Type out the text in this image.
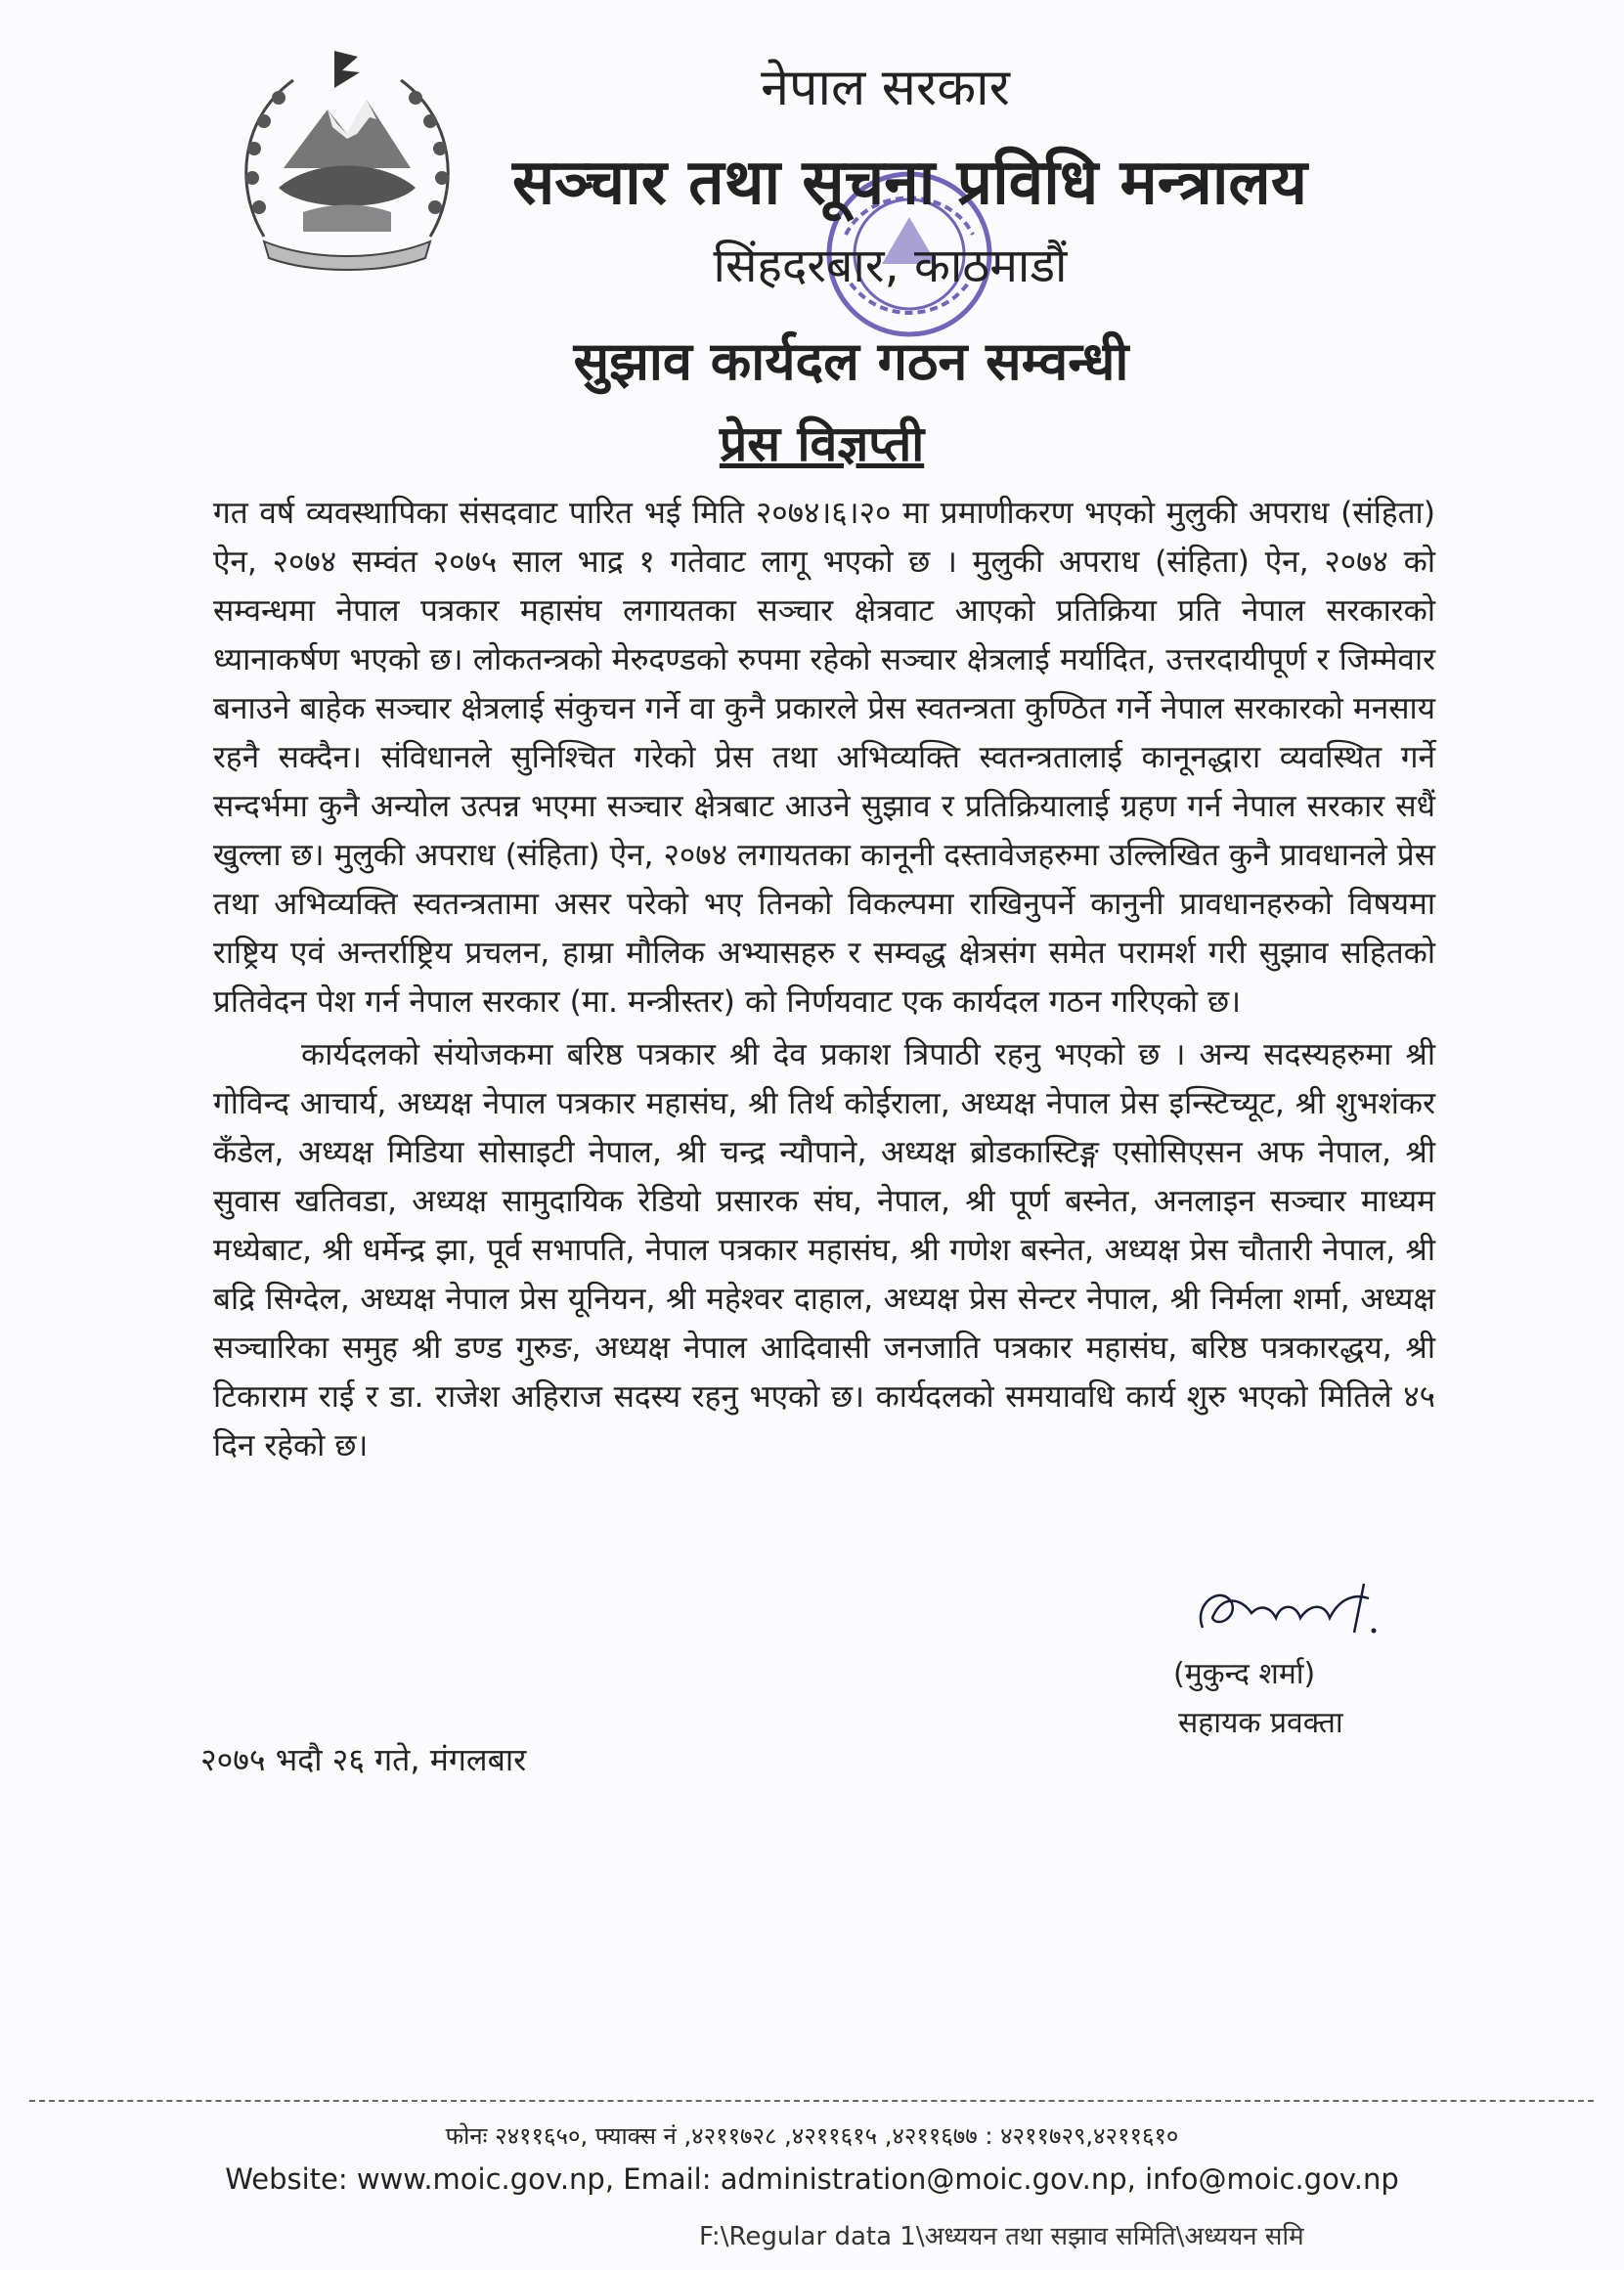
नेपाल सरकार
सञ्चार तथा सूचना प्रविधि मन्त्रालय
सिंहदरबार, काठमाडौं
सुझाव कार्यदल गठन सम्वन्धी
प्रेस विज्ञप्ती

गत वर्ष व्यवस्थापिका संसदवाट पारित भई मिति २०७४।६।२० मा प्रमाणीकरण भएको मुलुकी अपराध (संहिता) ऐन, २०७४ सम्वंत २०७५ साल भाद्र १ गतेवाट लागू भएको छ । मुलुकी अपराध (संहिता) ऐन, २०७४ को सम्वन्धमा नेपाल पत्रकार महासंघ लगायतका सञ्चार क्षेत्रवाट आएको प्रतिक्रिया प्रति नेपाल सरकारको ध्यानाकर्षण भएको छ। लोकतन्त्रको मेरुदण्डको रुपमा रहेको सञ्चार क्षेत्रलाई मर्यादित, उत्तरदायीपूर्ण र जिम्मेवार बनाउने बाहेक सञ्चार क्षेत्रलाई संकुचन गर्ने वा कुनै प्रकारले प्रेस स्वतन्त्रता कुण्ठित गर्ने नेपाल सरकारको मनसाय रहनै सक्दैन। संविधानले सुनिश्चित गरेको प्रेस तथा अभिव्यक्ति स्वतन्त्रतालाई कानूनद्धारा व्यवस्थित गर्ने सन्दर्भमा कुनै अन्योल उत्पन्न भएमा सञ्चार क्षेत्रबाट आउने सुझाव र प्रतिक्रियालाई ग्रहण गर्न नेपाल सरकार सधैं खुल्ला छ। मुलुकी अपराध (संहिता) ऐन, २०७४ लगायतका कानूनी दस्तावेजहरुमा उल्लिखित कुनै प्रावधानले प्रेस तथा अभिव्यक्ति स्वतन्त्रतामा असर परेको भए तिनको विकल्पमा राखिनुपर्ने कानुनी प्रावधानहरुको विषयमा राष्ट्रिय एवं अन्तर्राष्ट्रिय प्रचलन, हाम्रा मौलिक अभ्यासहरु र सम्वद्ध क्षेत्रसंग समेत परामर्श गरी सुझाव सहितको प्रतिवेदन पेश गर्न नेपाल सरकार (मा. मन्त्रीस्तर) को निर्णयवाट एक कार्यदल गठन गरिएको छ।

कार्यदलको संयोजकमा बरिष्ठ पत्रकार श्री देव प्रकाश त्रिपाठी रहनु भएको छ । अन्य सदस्यहरुमा श्री गोविन्द आचार्य, अध्यक्ष नेपाल पत्रकार महासंघ, श्री तिर्थ कोईराला, अध्यक्ष नेपाल प्रेस इन्स्टिच्यूट, श्री शुभशंकर कँडेल, अध्यक्ष मिडिया सोसाइटी नेपाल, श्री चन्द्र न्यौपाने, अध्यक्ष ब्रोडकास्टिङ्ग एसोसिएसन अफ नेपाल, श्री सुवास खतिवडा, अध्यक्ष सामुदायिक रेडियो प्रसारक संघ, नेपाल, श्री पूर्ण बस्नेत, अनलाइन सञ्चार माध्यम मध्येबाट, श्री धर्मेन्द्र झा, पूर्व सभापति, नेपाल पत्रकार महासंघ, श्री गणेश बस्नेत, अध्यक्ष प्रेस चौतारी नेपाल, श्री बद्रि सिग्देल, अध्यक्ष नेपाल प्रेस यूनियन, श्री महेश्वर दाहाल, अध्यक्ष प्रेस सेन्टर नेपाल, श्री निर्मला शर्मा, अध्यक्ष सञ्चारिका समुह श्री डण्ड गुरुङ, अध्यक्ष नेपाल आदिवासी जनजाति पत्रकार महासंघ, बरिष्ठ पत्रकारद्धय, श्री टिकाराम राई र डा. राजेश अहिराज सदस्य रहनु भएको छ। कार्यदलको समयावधि कार्य शुरु भएको मितिले ४५ दिन रहेको छ।

(मुकुन्द शर्मा)
सहायक प्रवक्ता
२०७५ भदौ २६ गते, मंगलबार
फोनः २४११६५०, फ्याक्स नं ,४२११७२८ ,४२११६१५ ,४२११६७७ : ४२११७२९,४२११६१०
Website: www.moic.gov.np, Email: administration@moic.gov.np, info@moic.gov.np
F:\Regular data 1\अध्ययन तथा सझाव समिति\अध्ययन समि
